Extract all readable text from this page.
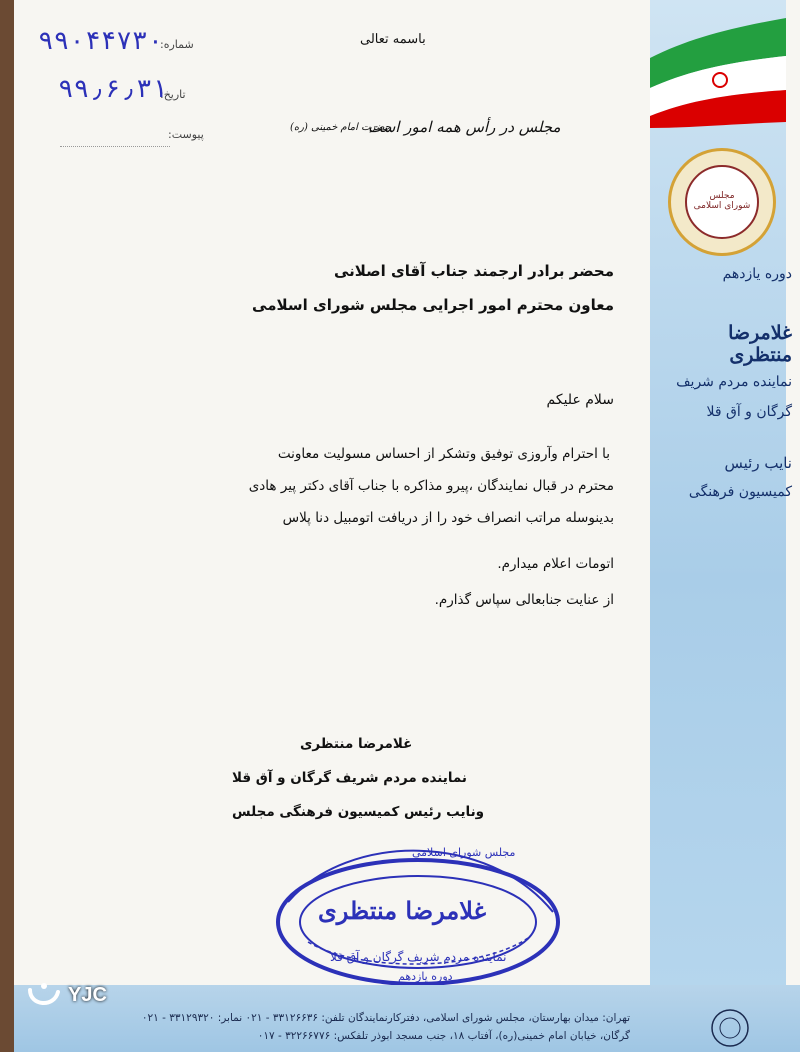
مجلس
شورای اسلامی
دوره یازدهم
غلامرضا منتظری
نماینده مردم شریف
گرگان و آق قلا
نایب رئیس
کمیسیون فرهنگی
شماره:
۹۹۰۴۴۷۳۰
تاریخ:
۹۹٫۶٫۳۱
پیوست:
باسمه تعالی
مجلس در رأس همه امور است
حضرت امام خمینی (ره)
محضر برادر ارجمند جناب آقای اصلانی
معاون محترم امور اجرایی مجلس شورای اسلامی
سلام علیکم
با احترام وآروزی توفیق وتشکر از احساس مسولیت معاونت
محترم در قبال نمایندگان ،پیرو مذاکره با جناب آقای دکتر پیر هادی
بدینوسله مراتب انصراف خود را از دریافت اتومبیل دنا پلاس
اتومات اعلام میدارم.
از عنایت جنابعالی سپاس گذارم.
غلامرضا منتظری
نماینده مردم شریف گرگان و آق قلا
ونایب رئیس کمیسیون فرهنگی مجلس
مجلس شورای اسلامی
غلامرضا منتظری
نماینده مردم شریف گرگان و آق قلا
دوره یازدهم
تهران: میدان بهارستان، مجلس شورای اسلامی، دفترکارنمایندگان تلفن: ۳۳۱۲۶۶۳۶ - ۰۲۱ نمابر: ۳۳۱۲۹۳۲۰ - ۰۲۱
گرگان، خیابان امام خمینی(ره)، آفتاب ۱۸، جنب مسجد ابوذر تلفکس: ۳۲۲۶۶۷۷۶ - ۰۱۷
YJC
